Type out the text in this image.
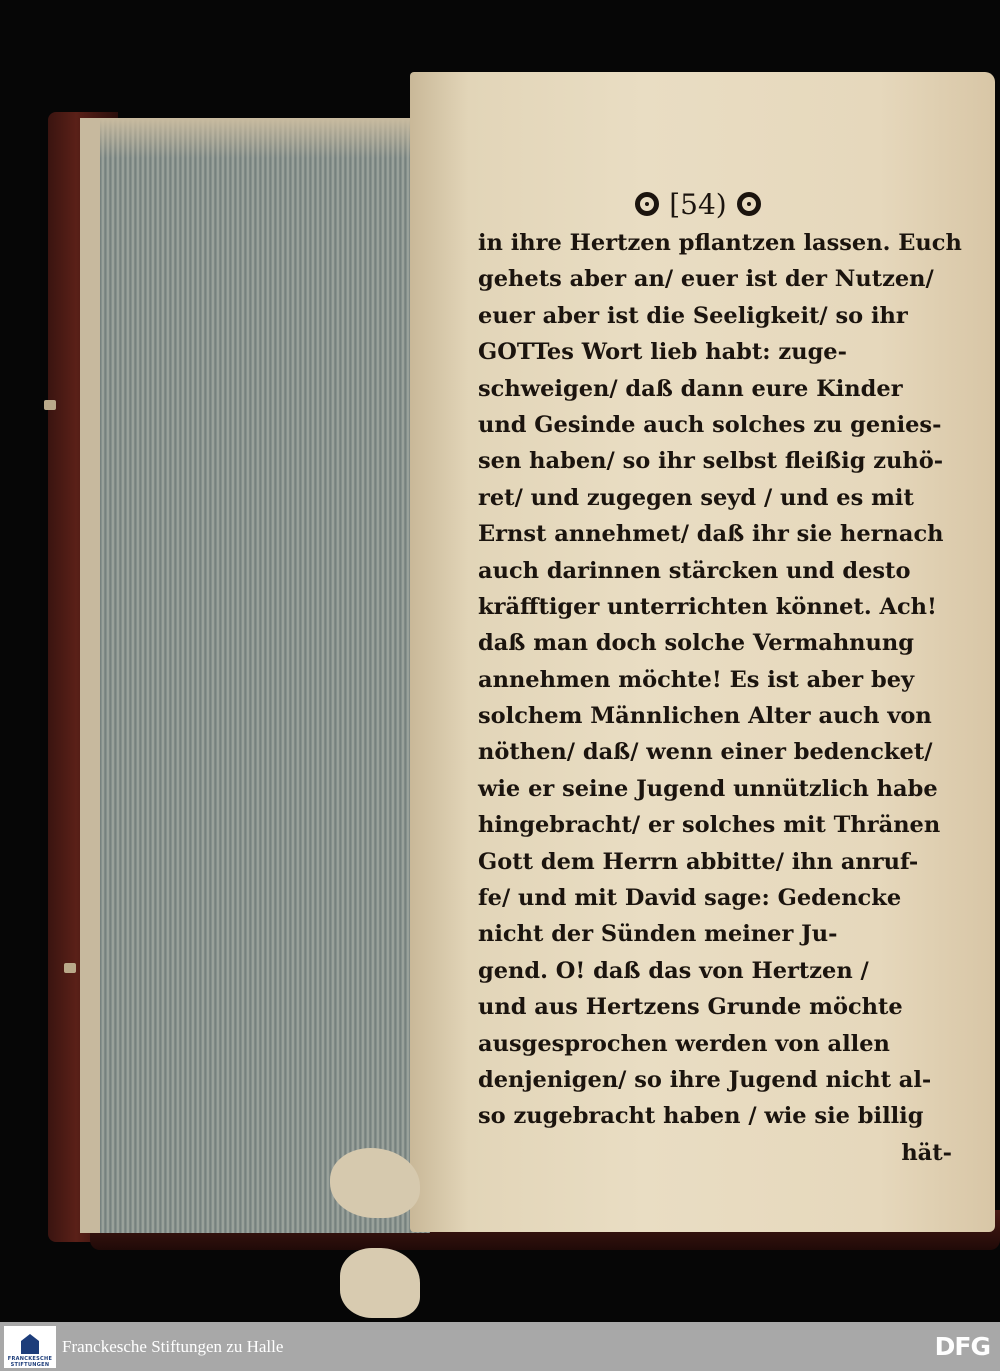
[54)
in ihre Hertzen pflantzen lassen. Euch
gehets aber an/ euer ist der Nutzen/
euer aber ist die Seeligkeit/ so ihr
GOTTes Wort lieb habt: zuge-
schweigen/ daß dann eure Kinder
und Gesinde auch solches zu genies-
sen haben/ so ihr selbst fleißig zuhö-
ret/ und zugegen seyd / und es mit
Ernst annehmet/ daß ihr sie hernach
auch darinnen stärcken und desto
kräfftiger unterrichten könnet. Ach!
daß man doch solche Vermahnung
annehmen möchte! Es ist aber bey
solchem Männlichen Alter auch von
nöthen/ daß/ wenn einer bedencket/
wie er seine Jugend unnützlich habe
hingebracht/ er solches mit Thränen
Gott dem Herrn abbitte/ ihn anruf-
fe/ und mit David sage: Gedencke
nicht der Sünden meiner Ju-
gend. O! daß das von Hertzen /
und aus Hertzens Grunde möchte
ausgesprochen werden von allen
denjenigen/ so ihre Jugend nicht al-
so zugebracht haben / wie sie billig
hät-
FRANCKESCHE
STIFTUNGEN
Franckesche Stiftungen zu Halle	DFG
